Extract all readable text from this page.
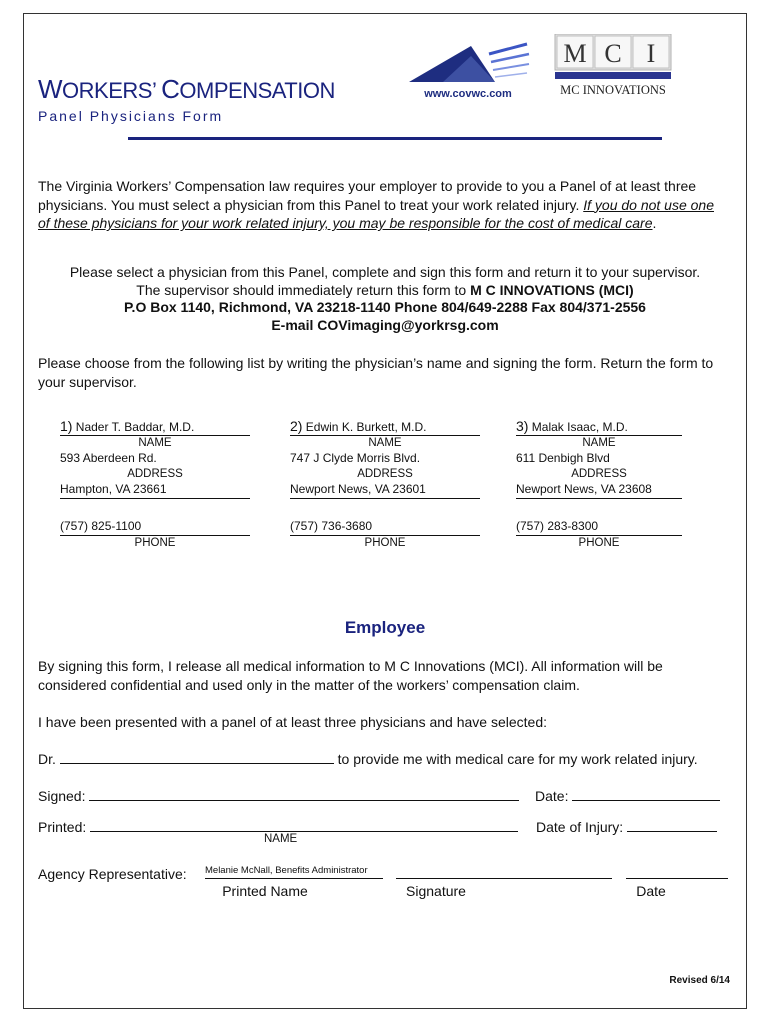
www.covwc.com
M C I
MC INNOVATIONS
WORKERS’ COMPENSATION
Panel Physicians Form
The Virginia Workers’ Compensation law requires your employer to provide to you a Panel of at least three physicians. You must select a physician from this Panel to treat your work related injury. If you do not use one of these physicians for your work related injury, you may be responsible for the cost of medical care.
Please select a physician from this Panel, complete and sign this form and return it to your supervisor.
The supervisor should immediately return this form to M C INNOVATIONS (MCI)
P.O Box 1140, Richmond, VA 23218-1140 Phone 804/649-2288 Fax 804/371-2556
E-mail COVimaging@yorkrsg.com
Please choose from the following list by writing the physician’s name and signing the form. Return the form to your supervisor.
1) Nader T. Baddar, M.D.
NAME
593 Aberdeen Rd.
ADDRESS
Hampton, VA 23661
(757) 825-1100
PHONE
2) Edwin K. Burkett, M.D.
NAME
747 J Clyde Morris Blvd.
ADDRESS
Newport News, VA 23601
(757) 736-3680
PHONE
3) Malak Isaac, M.D.
NAME
611 Denbigh Blvd
ADDRESS
Newport News, VA 23608
(757) 283-8300
PHONE
Employee
By signing this form, I release all medical information to M C Innovations (MCI). All information will be considered confidential and used only in the matter of the workers’ compensation claim.
I have been presented with a panel of at least three physicians and have selected:
Dr.	to provide me with medical care for my work related injury.
Signed:	Date:
Printed:	Date of Injury:
NAME
Agency Representative: Melanie McNall, Benefits Administrator
Printed Name	Signature	Date
Revised 6/14
